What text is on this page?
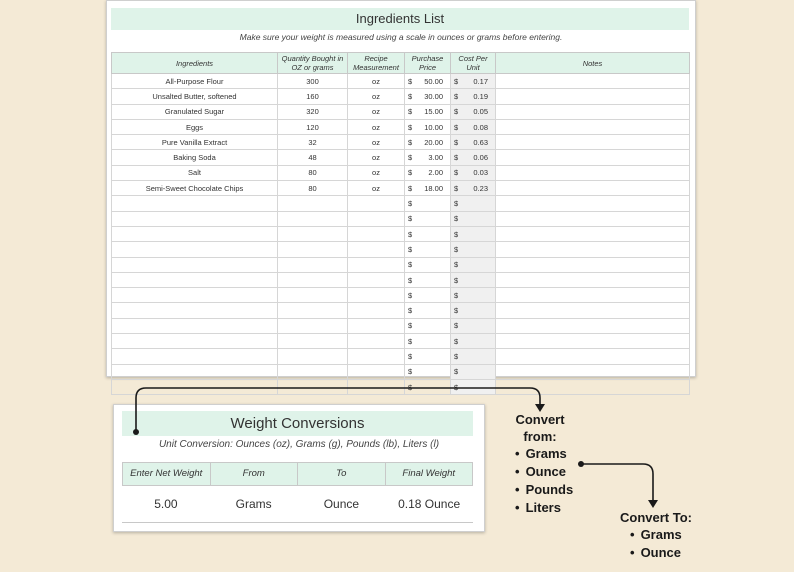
Ingredients List
Make sure your weight is measured using a scale in ounces or grams before entering.
Ingredients	Quantity Bought in OZ or grams	Recipe Measurement	Purchase Price	Cost Per Unit	Notes
All-Purpose Flour	300	oz	$ 50.00	$ 0.17	

Unsalted Butter, softened	160	oz	$ 30.00	$ 0.19	

Granulated Sugar	320	oz	$ 15.00	$ 0.05	

Eggs	120	oz	$ 10.00	$ 0.08	

Pure Vanilla Extract	32	oz	$ 20.00	$ 0.63	

Baking Soda	48	oz	$ 3.00	$ 0.06	

Salt	80	oz	$ 2.00	$ 0.03	

Semi-Sweet Chocolate Chips	80	oz	$ 18.00	$ 0.23	

			$	$	

			$	$	

			$	$	

			$	$	

			$	$	

			$	$	

			$	$	

			$	$	

			$	$	

			$	$	

			$	$	

			$	$	

			$	$	

Weight Conversions
Unit Conversion: Ounces (oz), Grams (g), Pounds (lb), Liters (l)
Enter Net Weight	From	To	Final Weight
5.00	Grams	Ounce	0.18 Ounce
Convert
from:
• Grams
• Ounce
• Pounds
• Liters
Convert To:
• Grams
• Ounce
